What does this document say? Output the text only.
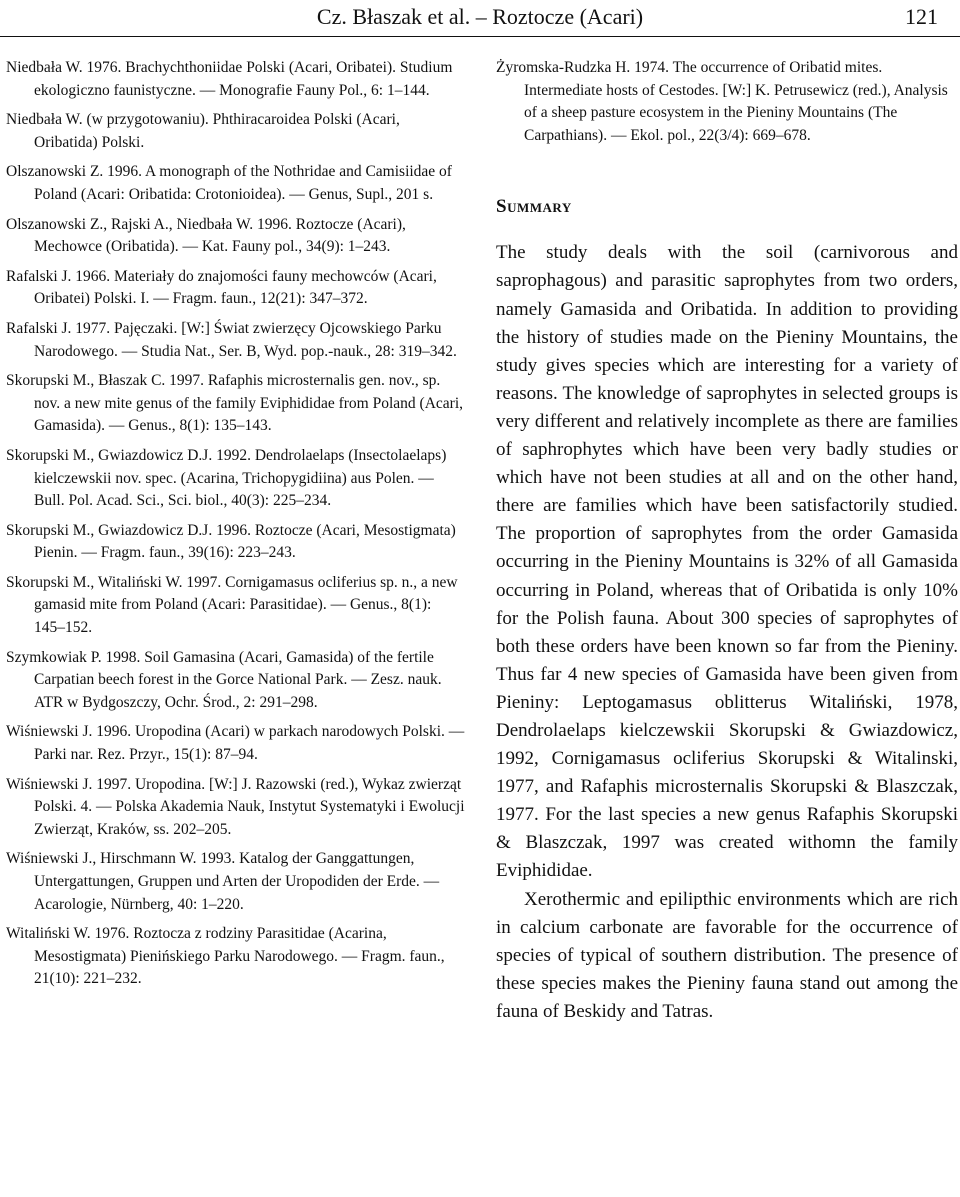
Cz. Błaszak et al. – Roztocze (Acari)	121

Niedbała W. 1976. Brachychthoniidae Polski (Acari, Oribatei). Studium ekologiczno faunistyczne. — Monografie Fauny Pol., 6: 1–144.

Niedbała W. (w przygotowaniu). Phthiracaroidea Polski (Acari, Oribatida) Polski.

Olszanowski Z. 1996. A monograph of the Nothridae and Camisiidae of Poland (Acari: Oribatida: Crotonioidea). — Genus, Supl., 201 s.

Olszanowski Z., Rajski A., Niedbała W. 1996. Roztocze (Acari), Mechowce (Oribatida). — Kat. Fauny pol., 34(9): 1–243.

Rafalski J. 1966. Materiały do znajomości fauny mechowców (Acari, Oribatei) Polski. I. — Fragm. faun., 12(21): 347–372.

Rafalski J. 1977. Pajęczaki. [W:] Świat zwierzęcy Ojcowskiego Parku Narodowego. — Studia Nat., Ser. B, Wyd. pop.-nauk., 28: 319–342.

Skorupski M., Błaszak C. 1997. Rafaphis microsternalis gen. nov., sp. nov. a new mite genus of the family Eviphididae from Poland (Acari, Gamasida). — Genus., 8(1): 135–143.

Skorupski M., Gwiazdowicz D.J. 1992. Dendrolaelaps (Insectolaelaps) kielczewskii nov. spec. (Acarina, Trichopygidiina) aus Polen. — Bull. Pol. Acad. Sci., Sci. biol., 40(3): 225–234.

Skorupski M., Gwiazdowicz D.J. 1996. Roztocze (Acari, Mesostigmata) Pienin. — Fragm. faun., 39(16): 223–243.

Skorupski M., Witaliński W. 1997. Cornigamasus ocliferius sp. n., a new gamasid mite from Poland (Acari: Parasitidae). — Genus., 8(1): 145–152.

Szymkowiak P. 1998. Soil Gamasina (Acari, Gamasida) of the fertile Carpatian beech forest in the Gorce National Park. — Zesz. nauk. ATR w Bydgoszczy, Ochr. Środ., 2: 291–298.

Wiśniewski J. 1996. Uropodina (Acari) w parkach narodowych Polski. — Parki nar. Rez. Przyr., 15(1): 87–94.

Wiśniewski J. 1997. Uropodina. [W:] J. Razowski (red.), Wykaz zwierząt Polski. 4. — Polska Akademia Nauk, Instytut Systematyki i Ewolucji Zwierząt, Kraków, ss. 202–205.

Wiśniewski J., Hirschmann W. 1993. Katalog der Ganggattungen, Untergattungen, Gruppen und Arten der Uropodiden der Erde. — Acarologie, Nürnberg, 40: 1–220.

Witaliński W. 1976. Roztocza z rodziny Parasitidae (Acarina, Mesostigmata) Pienińskiego Parku Narodowego. — Fragm. faun., 21(10): 221–232.

Żyromska-Rudzka H. 1974. The occurrence of Oribatid mites. Intermediate hosts of Cestodes. [W:] K. Petrusewicz (red.), Analysis of a sheep pasture ecosystem in the Pieniny Mountains (The Carpathians). — Ekol. pol., 22(3/4): 669–678.

Summary

The study deals with the soil (carnivorous and saprophagous) and parasitic saprophytes from two orders, namely Gamasida and Oribatida. In addition to providing the history of studies made on the Pieniny Mountains, the study gives species which are interesting for a variety of reasons. The knowledge of saprophytes in selected groups is very different and relatively incomplete as there are families of saphrophytes which have been very badly studies or which have not been studies at all and on the other hand, there are families which have been satisfactorily studied. The proportion of saprophytes from the order Gamasida occurring in the Pieniny Mountains is 32% of all Gamasida occurring in Poland, whereas that of Oribatida is only 10% for the Polish fauna. About 300 species of saprophytes of both these orders have been known so far from the Pieniny. Thus far 4 new species of Gamasida have been given from Pieniny: Leptogamasus oblitterus Witaliński, 1978, Dendrolaelaps kielczewskii Skorupski & Gwiazdowicz, 1992, Cornigamasus ocliferius Skorupski & Witalinski, 1977, and Rafaphis microsternalis Skorupski & Blaszczak, 1977. For the last species a new genus Rafaphis Skorupski & Blaszczak, 1997 was created withomn the family Eviphididae.

Xerothermic and epilipthic environments which are rich in calcium carbonate are favorable for the occurrence of species of typical of southern distribution. The presence of these species makes the Pieniny fauna stand out among the fauna of Beskidy and Tatras.
